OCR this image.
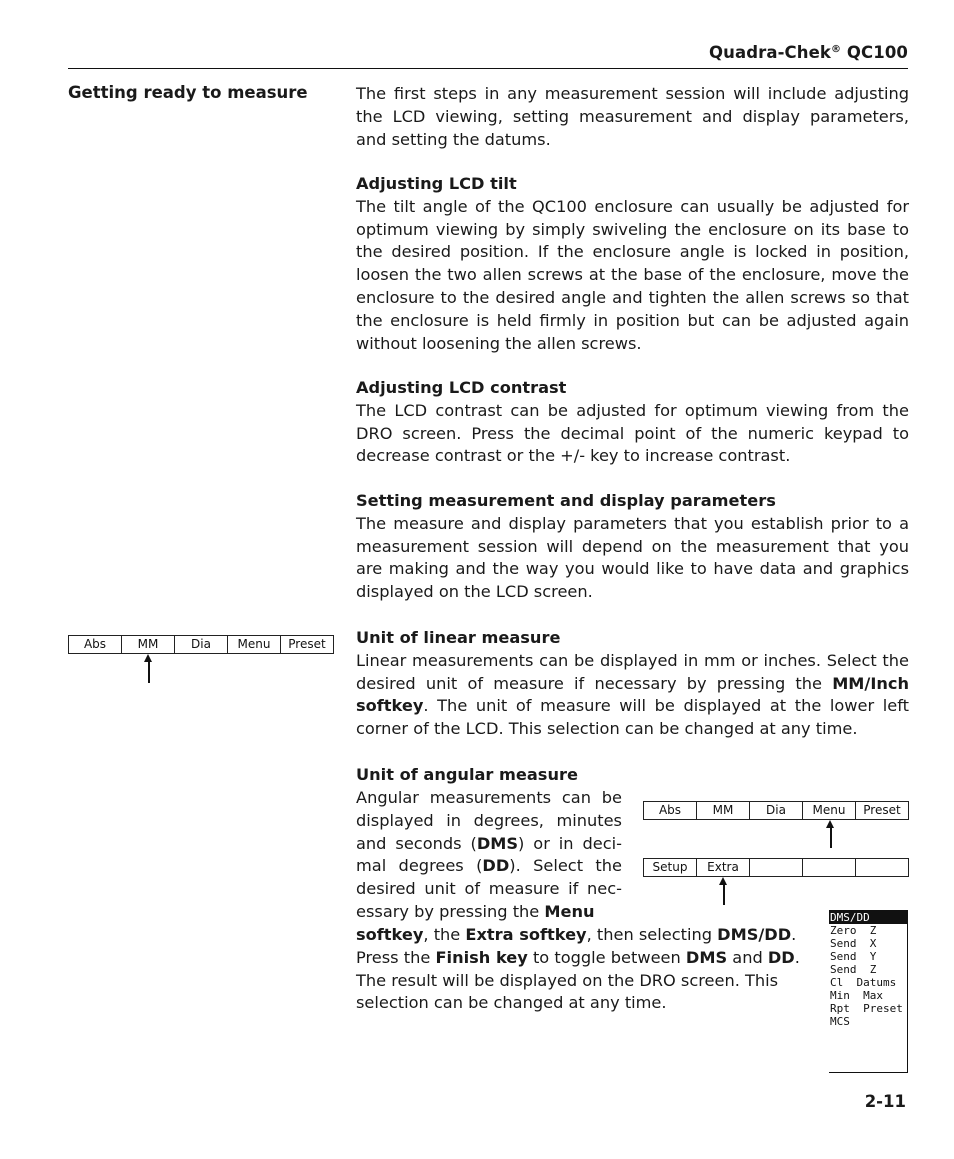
Quadra-Chek® QC100
Getting ready to measure	The first steps in any measurement session will include adjusting the LCD viewing, setting measurement and display parameters, and setting the datums.

Adjusting LCD tilt

The tilt angle of the QC100 enclosure can usually be adjusted for optimum viewing by simply swiveling the enclosure on its base to the desired position. If the enclosure angle is locked in position, loosen the two allen screws at the base of the enclosure, move the enclosure to the desired angle and tighten the allen screws so that the enclosure is held firmly in position but can be adjusted again without loosening the allen screws.

Adjusting LCD contrast

The LCD contrast can be adjusted for optimum viewing from the DRO screen. Press the decimal point of the numeric keypad to decrease contrast or the +/- key to increase contrast.

Setting measurement and display parameters

The measure and display parameters that you establish prior to a measurement session will depend on the measurement that you are making and the way you would like to have data and graphics displayed on the LCD screen.

Unit of linear measure

Linear measurements can be displayed in mm or inches. Select the desired unit of measure if necessary by pressing the MM/Inch softkey. The unit of measure will be displayed at the lower left corner of the LCD. This selection can be changed at any time.

Unit of angular measure

Angular measurements can be displayed in degrees, minutes and seconds (DMS) or in deci-mal degrees (DD). Select the desired unit of measure if nec-essary by pressing the Menu

softkey, the Extra softkey, then selecting DMS/DD. Press the Finish key to toggle between DMS and DD. The result will be displayed on the DRO screen. This selection can be changed at any time.

Abs	MM	Dia	Menu	Preset
Abs	MM	Dia	Menu	Preset
Setup	Extra
DMS/DD
Zero  Z
Send  X
Send  Y
Send  Z
Cl  Datums
Min  Max
Rpt  Preset
MCS
2-11
